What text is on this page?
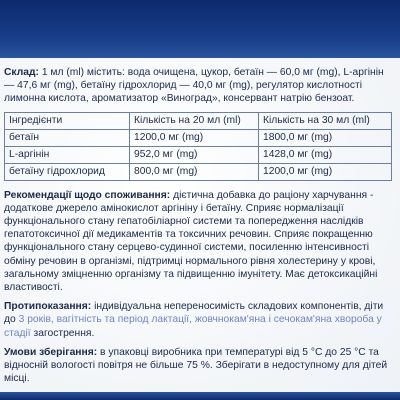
Склад: 1 мл (ml) містить: вода очищена, цукор, бетаїн — 60,0 мг (mg), L-аргінін — 47,6 мг (mg), бетаїну гідрохлорид — 40,0 мг (mg), регулятор кислотності лимонна кислота, ароматизатор «Виноград», консервант натрію бензоат.

Інгредієнти	Кількість на 20 мл (ml)	Кількість на 30 мл (ml)
бетаїн	1200,0 мг (mg)	1800,0 мг (mg)
L-аргінін	952,0 мг (mg)	1428,0 мг (mg)
бетаїну гідрохлорид	800,0 мг (mg)	1200,0 мг (mg)

Рекомендації щодо споживання: дієтична добавка до раціону харчування - додаткове джерело амінокислот аргініну і бетаїну. Сприяє нормалізації функціонального стану гепатобіліарної системи та попередження наслідків гепатотоксичної дії медикаментів та токсичних речовин. Сприяє покращенню функціонального стану серцево-судинної системи, посиленню інтенсивності обміну речовин в організмі, підтримці нормального рівня холестерину у крові, загальному зміцненню організму та підвищенню імунітету. Має детоксикаційні властивості.

Протипоказання: індивідуальна непереносимість складових компонентів, діти до 3 років, вагітність та період лактації, жовчнокам'яна і сечокам'яна хвороба у стадії загострення.

Умови зберігання: в упаковці виробника при температурі від 5 °С до 25 °С та відносній вологості повітря не більше 75 %. Зберігати в недоступному для дітей місці.
